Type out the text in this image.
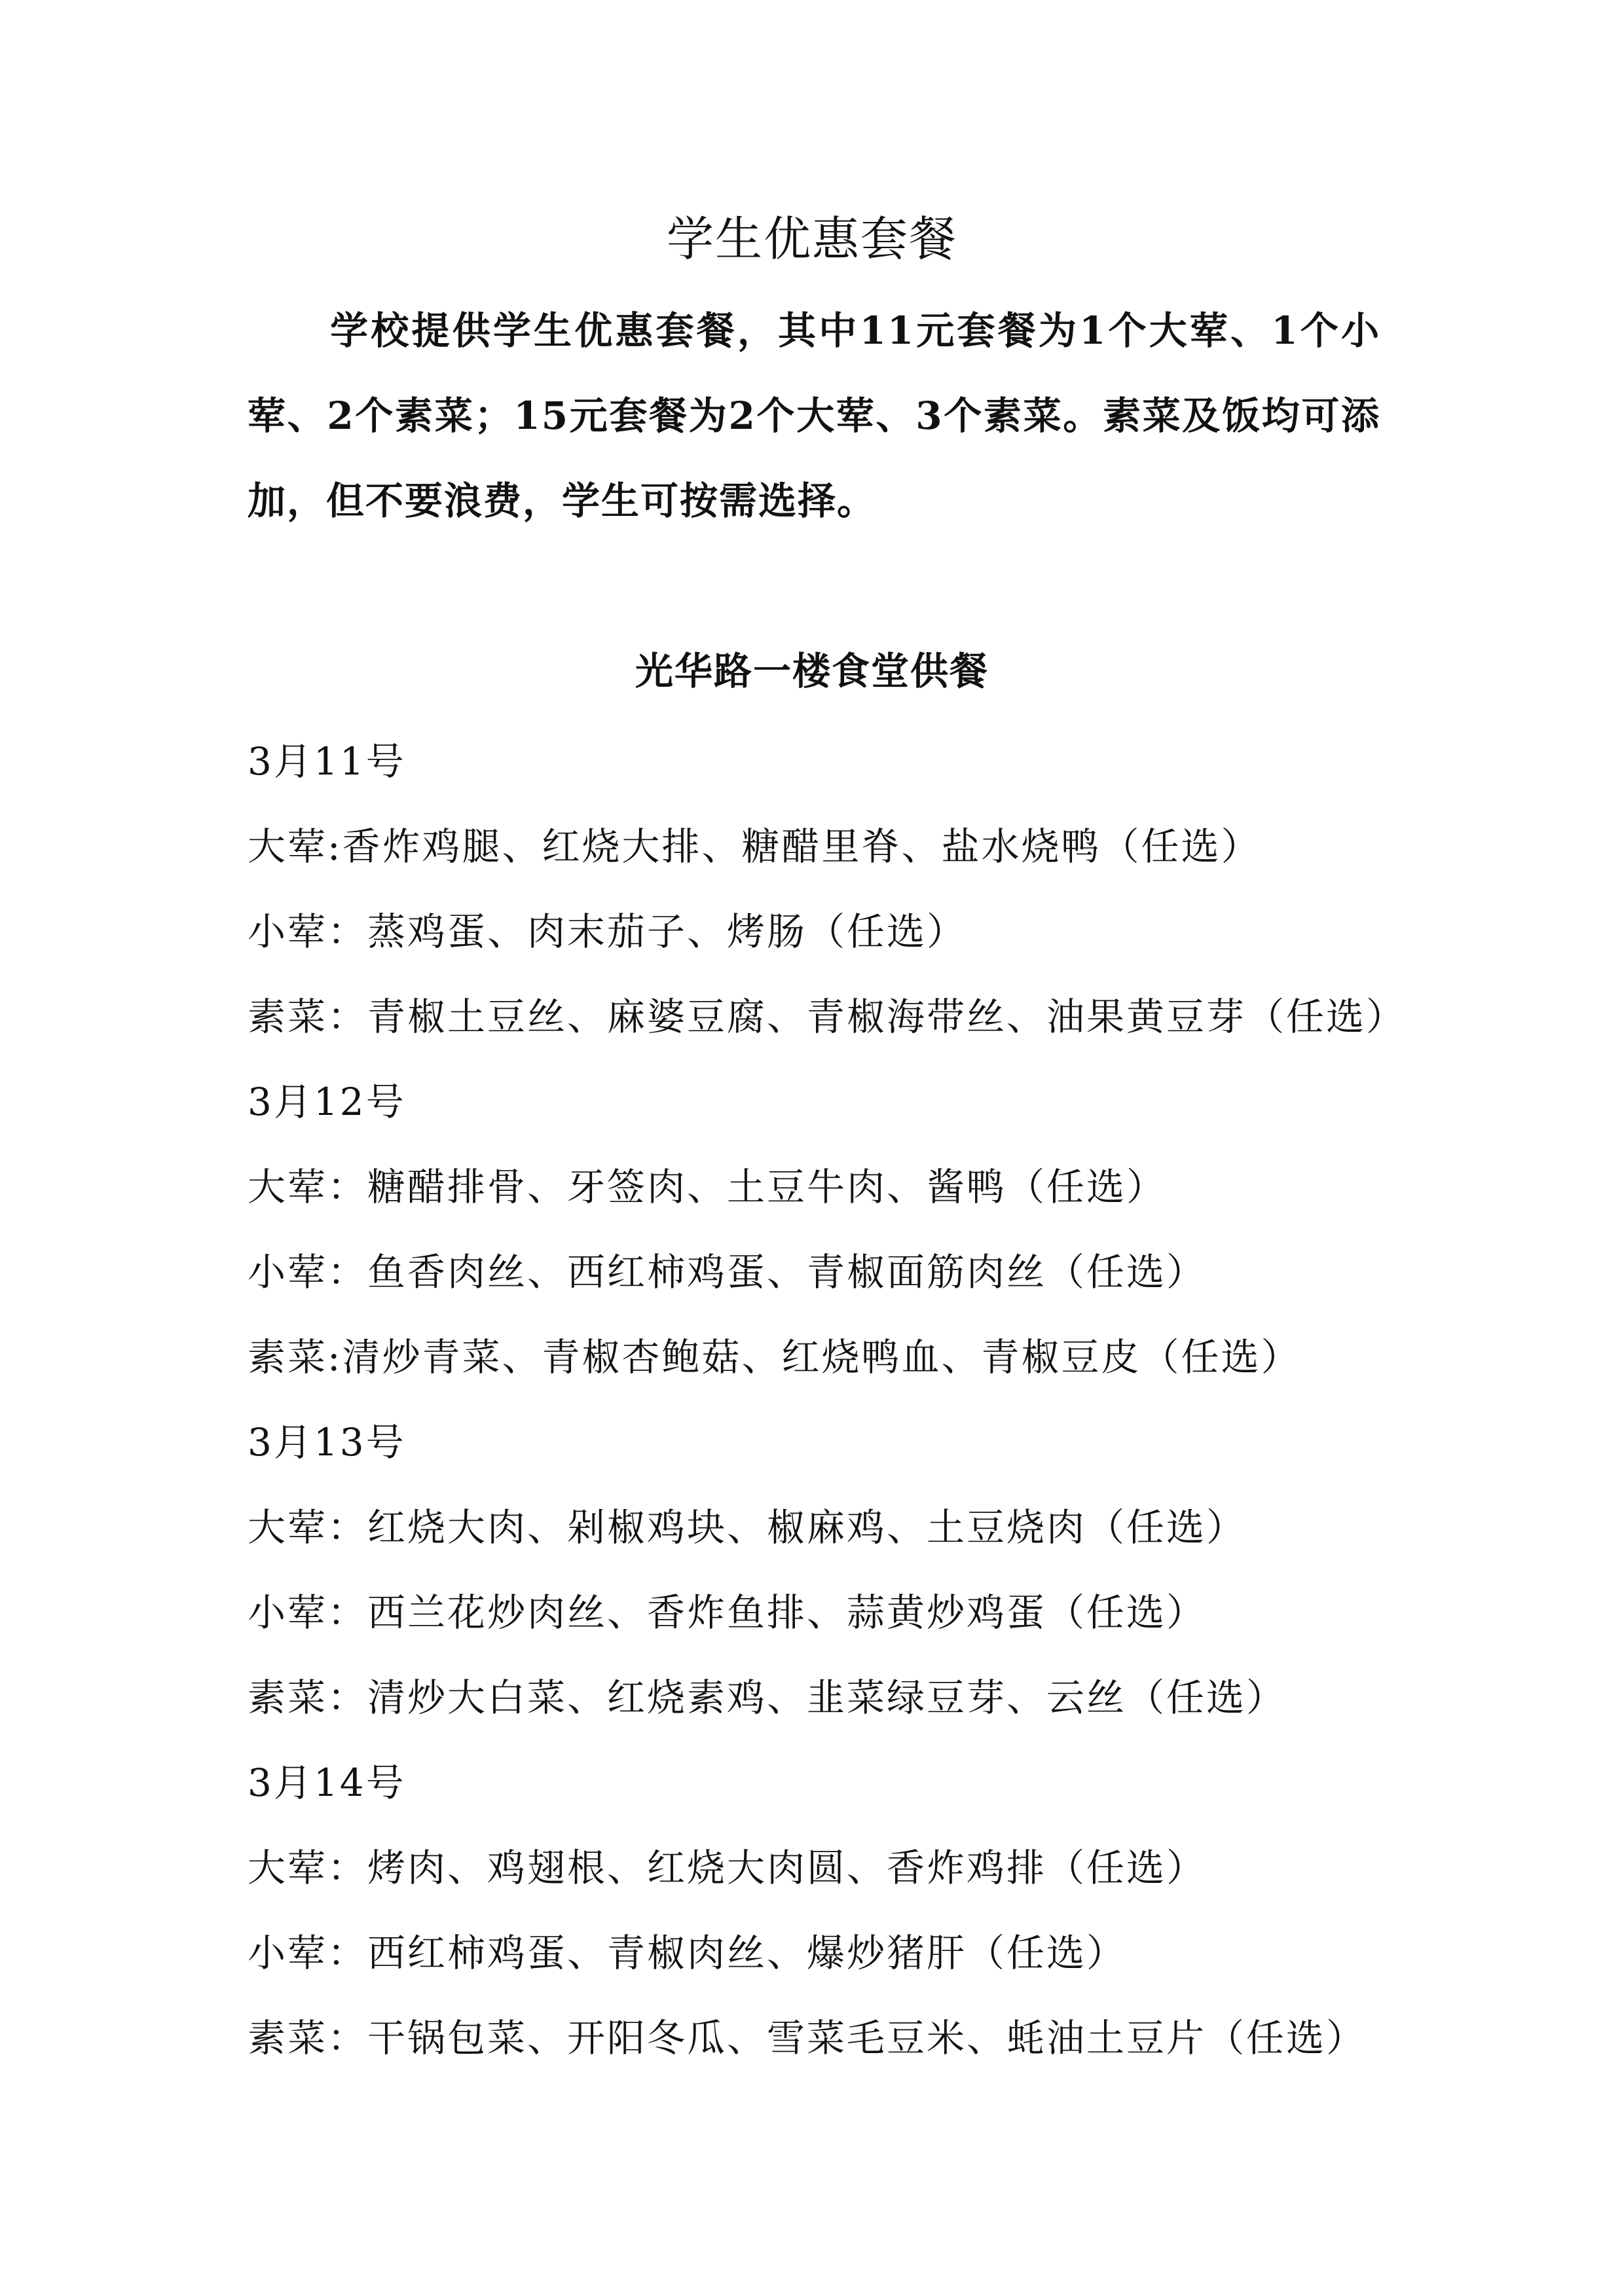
学生优惠套餐
学校提供学生优惠套餐，其中11元套餐为1个大荤、1个小荤、2个素菜；15元套餐为2个大荤、3个素菜。素菜及饭均可添加，但不要浪费，学生可按需选择。
光华路一楼食堂供餐
3月11号
大荤:香炸鸡腿、红烧大排、糖醋里脊、盐水烧鸭（任选）
小荤：蒸鸡蛋、肉末茄子、烤肠（任选）
素菜：青椒土豆丝、麻婆豆腐、青椒海带丝、油果黄豆芽（任选）
3月12号
大荤：糖醋排骨、牙签肉、土豆牛肉、酱鸭（任选）
小荤：鱼香肉丝、西红柿鸡蛋、青椒面筋肉丝（任选）
素菜:清炒青菜、青椒杏鲍菇、红烧鸭血、青椒豆皮（任选）
3月13号
大荤：红烧大肉、剁椒鸡块、椒麻鸡、土豆烧肉（任选）
小荤：西兰花炒肉丝、香炸鱼排、蒜黄炒鸡蛋（任选）
素菜：清炒大白菜、红烧素鸡、韭菜绿豆芽、云丝（任选）
3月14号
大荤：烤肉、鸡翅根、红烧大肉圆、香炸鸡排（任选）
小荤：西红柿鸡蛋、青椒肉丝、爆炒猪肝（任选）
素菜：干锅包菜、开阳冬瓜、雪菜毛豆米、蚝油土豆片（任选）
